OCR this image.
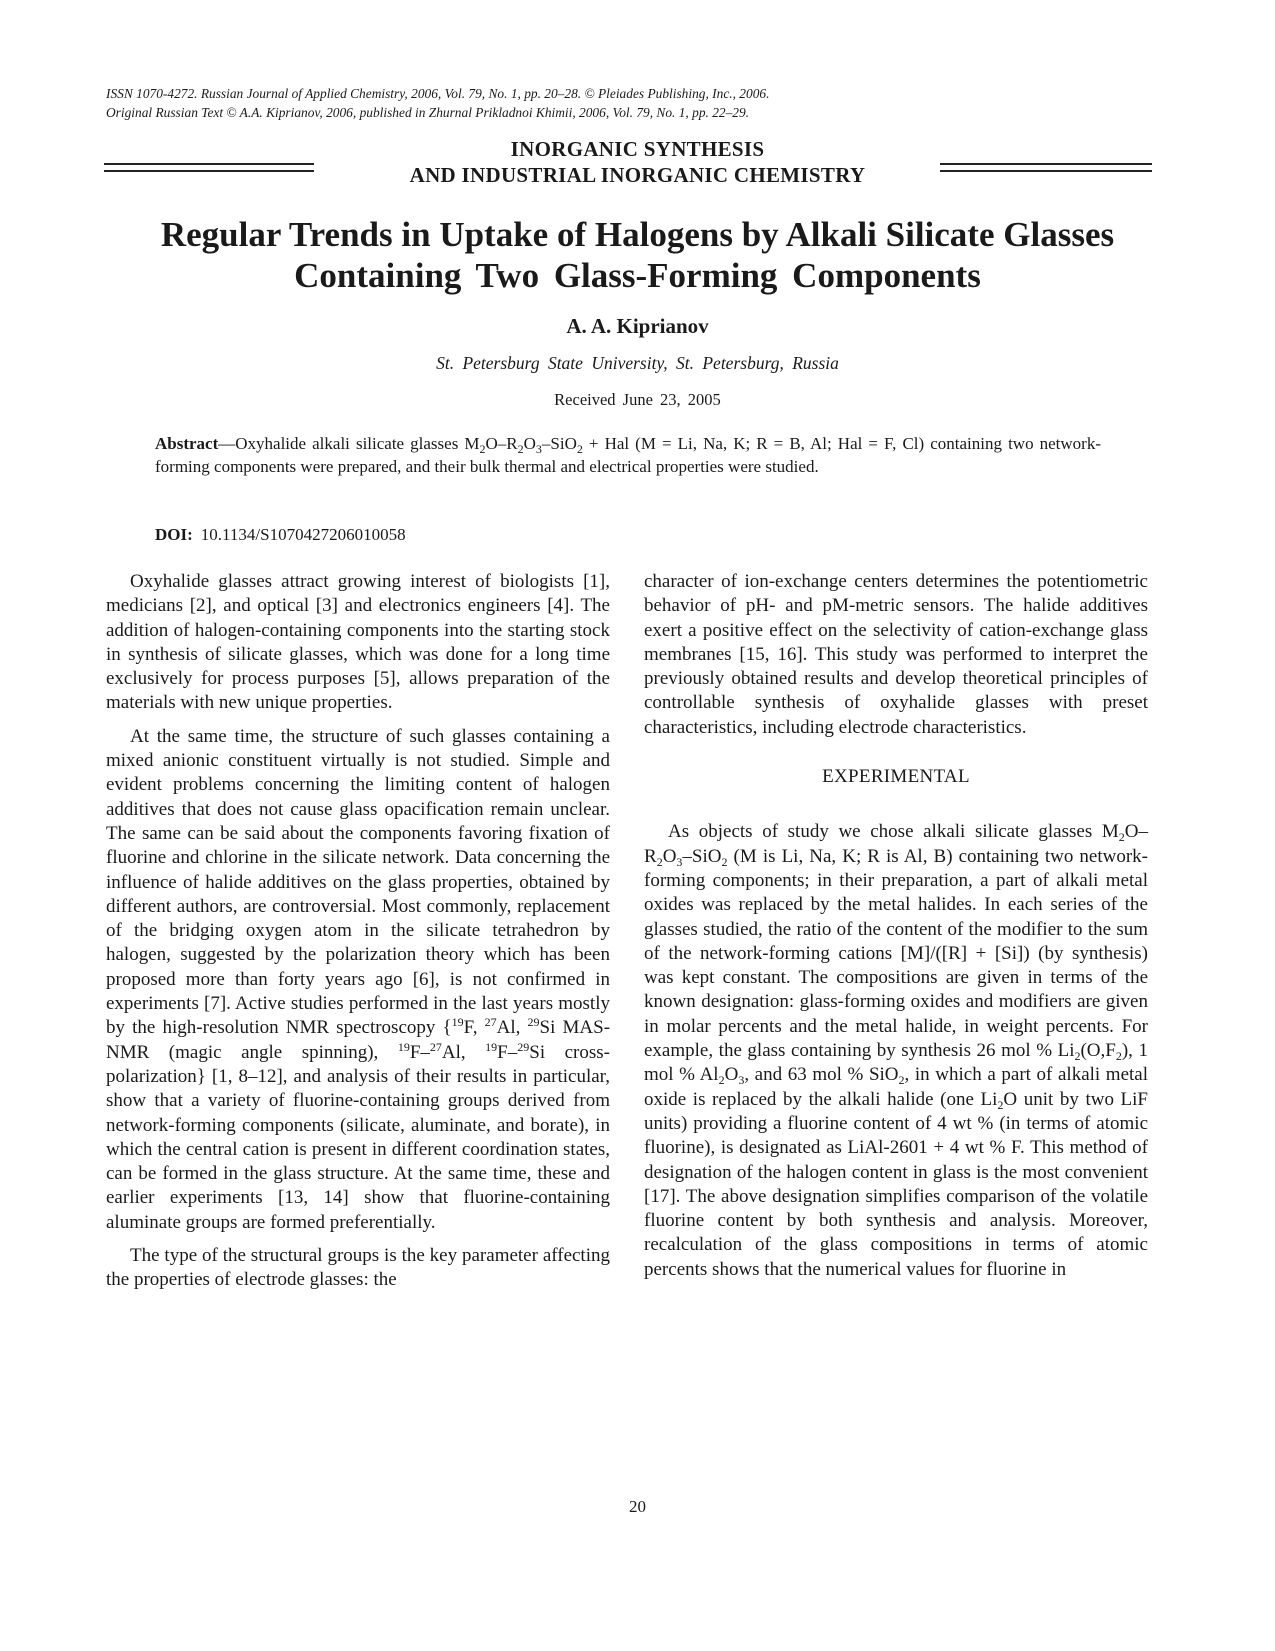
ISSN 1070-4272. Russian Journal of Applied Chemistry, 2006, Vol. 79, No. 1, pp. 20–28. © Pleiades Publishing, Inc., 2006.
Original Russian Text © A.A. Kiprianov, 2006, published in Zhurnal Prikladnoi Khimii, 2006, Vol. 79, No. 1, pp. 22–29.
INORGANIC SYNTHESIS
AND INDUSTRIAL INORGANIC CHEMISTRY
Regular Trends in Uptake of Halogens by Alkali Silicate Glasses
Containing Two Glass-Forming Components
A. A. Kiprianov
St. Petersburg State University, St. Petersburg, Russia
Received June 23, 2005
Abstract—Oxyhalide alkali silicate glasses $M_2O-R_2O_3-SiO_2$ + Hal (M = Li, Na, K; R = B, Al; Hal = F, Cl) containing two network-forming components were prepared, and their bulk thermal and electrical properties were studied.
DOI: 10.1134/S1070427206010058

Oxyhalide glasses attract growing interest of biologists [1], medicians [2], and optical [3] and electronics engineers [4]. The addition of halogen-containing components into the starting stock in synthesis of silicate glasses, which was done for a long time exclusively for process purposes [5], allows preparation of the materials with new unique properties.

At the same time, the structure of such glasses containing a mixed anionic constituent virtually is not studied. Simple and evident problems concerning the limiting content of halogen additives that does not cause glass opacification remain unclear. The same can be said about the components favoring fixation of fluorine and chlorine in the silicate network. Data concerning the influence of halide additives on the glass properties, obtained by different authors, are controversial. Most commonly, replacement of the bridging oxygen atom in the silicate tetrahedron by halogen, suggested by the polarization theory which has been proposed more than forty years ago [6], is not confirmed in experiments [7]. Active studies performed in the last years mostly by the high-resolution NMR spectroscopy {$^{19}$F, $^{27}$Al, $^{29}$Si MAS-NMR (magic angle spinning), $^{19}$F–$^{27}$Al, $^{19}$F–$^{29}$Si cross-polarization} [1, 8–12], and analysis of their results in particular, show that a variety of fluorine-containing groups derived from network-forming components (silicate, aluminate, and borate), in which the central cation is present in different coordination states, can be formed in the glass structure. At the same time, these and earlier experiments [13, 14] show that fluorine-containing aluminate groups are formed preferentially.

The type of the structural groups is the key parameter affecting the properties of electrode glasses: the

character of ion-exchange centers determines the potentiometric behavior of pH- and pM-metric sensors. The halide additives exert a positive effect on the selectivity of cation-exchange glass membranes [15, 16]. This study was performed to interpret the previously obtained results and develop theoretical principles of controllable synthesis of oxyhalide glasses with preset characteristics, including electrode characteristics.

EXPERIMENTAL

As objects of study we chose alkali silicate glasses $M_2O-R_2O_3-SiO_2$ (M is Li, Na, K; R is Al, B) containing two network-forming components; in their preparation, a part of alkali metal oxides was replaced by the metal halides. In each series of the glasses studied, the ratio of the content of the modifier to the sum of the network-forming cations [M]/([R] + [Si]) (by synthesis) was kept constant. The compositions are given in terms of the known designation: glass-forming oxides and modifiers are given in molar percents and the metal halide, in weight percents. For example, the glass containing by synthesis 26 mol % $Li_2(O,F_2)$, 1 mol % $Al_2O_3$, and 63 mol % SiO$_2$, in which a part of alkali metal oxide is replaced by the alkali halide (one $Li_2O$ unit by two LiF units) providing a fluorine content of 4 wt % (in terms of atomic fluorine), is designated as LiAl-2601 + 4 wt % F. This method of designation of the halogen content in glass is the most convenient [17]. The above designation simplifies comparison of the volatile fluorine content by both synthesis and analysis. Moreover, recalculation of the glass compositions in terms of atomic percents shows that the numerical values for fluorine in

20
